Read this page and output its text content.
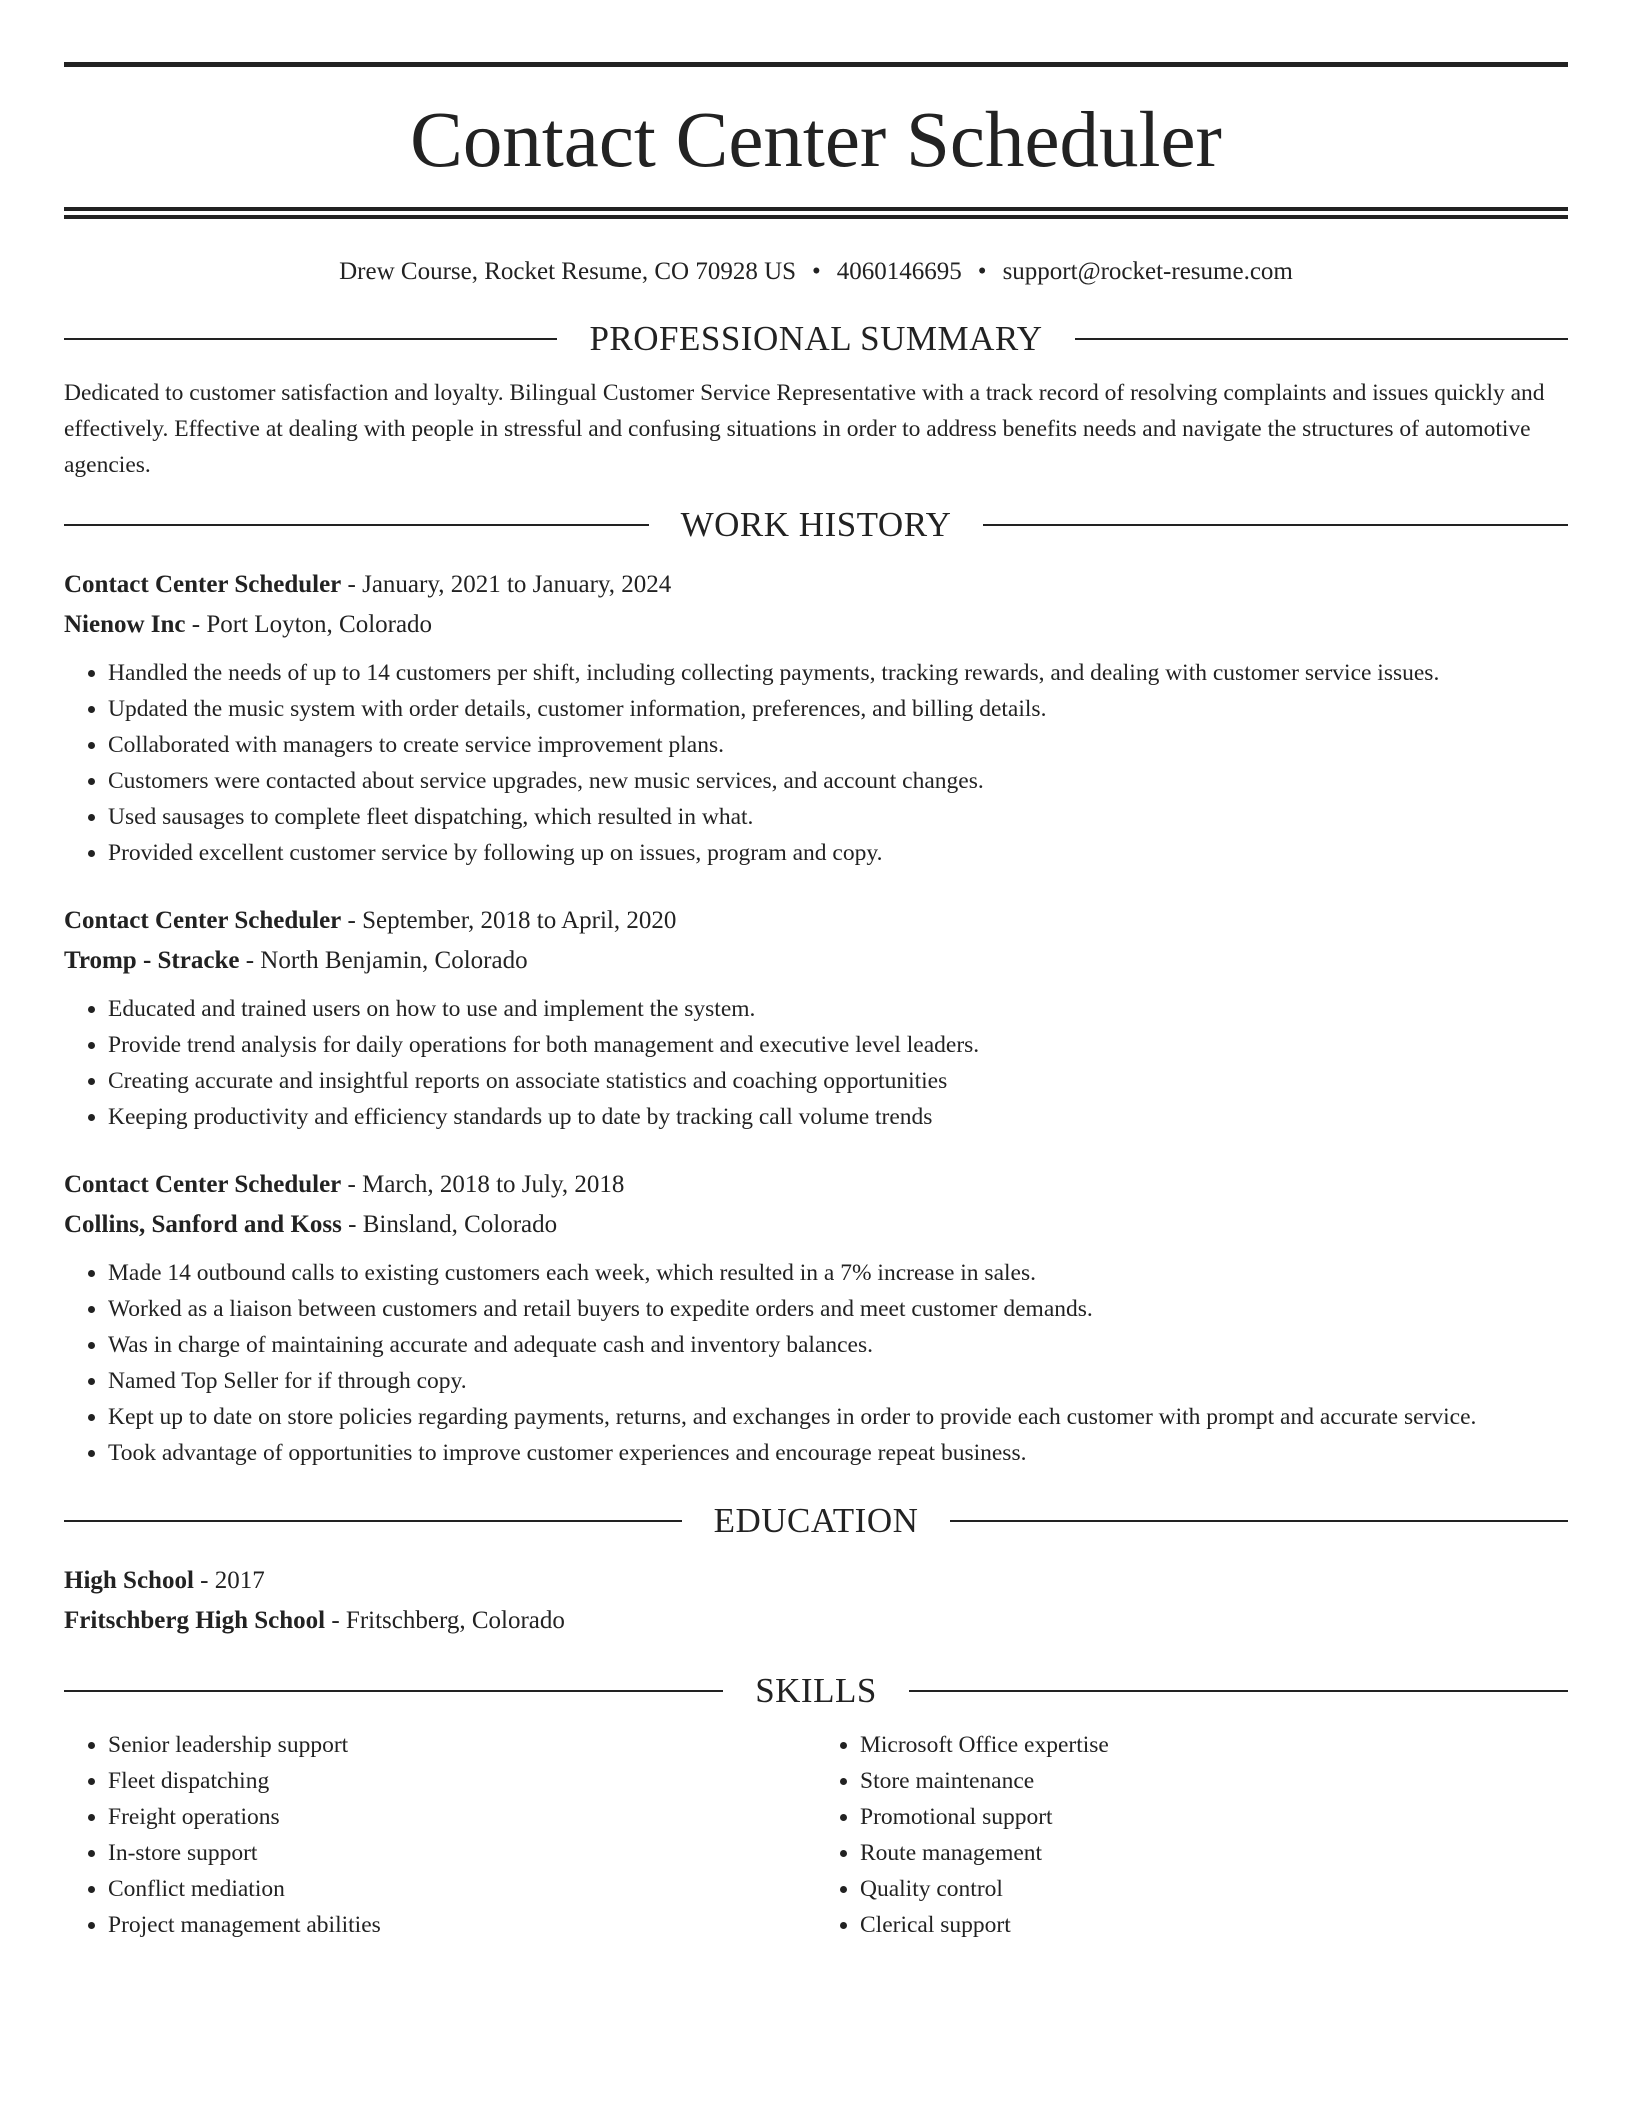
Contact Center Scheduler
Drew Course, Rocket Resume, CO 70928 US • 4060146695 • support@rocket-resume.com
PROFESSIONAL SUMMARY
Dedicated to customer satisfaction and loyalty. Bilingual Customer Service Representative with a track record of resolving complaints and issues quickly and effectively. Effective at dealing with people in stressful and confusing situations in order to address benefits needs and navigate the structures of automotive agencies.
WORK HISTORY
Contact Center Scheduler - January, 2021 to January, 2024
Nienow Inc - Port Loyton, Colorado
• Handled the needs of up to 14 customers per shift, including collecting payments, tracking rewards, and dealing with customer service issues.
• Updated the music system with order details, customer information, preferences, and billing details.
• Collaborated with managers to create service improvement plans.
• Customers were contacted about service upgrades, new music services, and account changes.
• Used sausages to complete fleet dispatching, which resulted in what.
• Provided excellent customer service by following up on issues, program and copy.
Contact Center Scheduler - September, 2018 to April, 2020
Tromp - Stracke - North Benjamin, Colorado
• Educated and trained users on how to use and implement the system.
• Provide trend analysis for daily operations for both management and executive level leaders.
• Creating accurate and insightful reports on associate statistics and coaching opportunities
• Keeping productivity and efficiency standards up to date by tracking call volume trends
Contact Center Scheduler - March, 2018 to July, 2018
Collins, Sanford and Koss - Binsland, Colorado
• Made 14 outbound calls to existing customers each week, which resulted in a 7% increase in sales.
• Worked as a liaison between customers and retail buyers to expedite orders and meet customer demands.
• Was in charge of maintaining accurate and adequate cash and inventory balances.
• Named Top Seller for if through copy.
• Kept up to date on store policies regarding payments, returns, and exchanges in order to provide each customer with prompt and accurate service.
• Took advantage of opportunities to improve customer experiences and encourage repeat business.
EDUCATION
High School - 2017
Fritschberg High School - Fritschberg, Colorado
SKILLS
• Senior leadership support
• Fleet dispatching
• Freight operations
• In-store support
• Conflict mediation
• Project management abilities
• Microsoft Office expertise
• Store maintenance
• Promotional support
• Route management
• Quality control
• Clerical support
